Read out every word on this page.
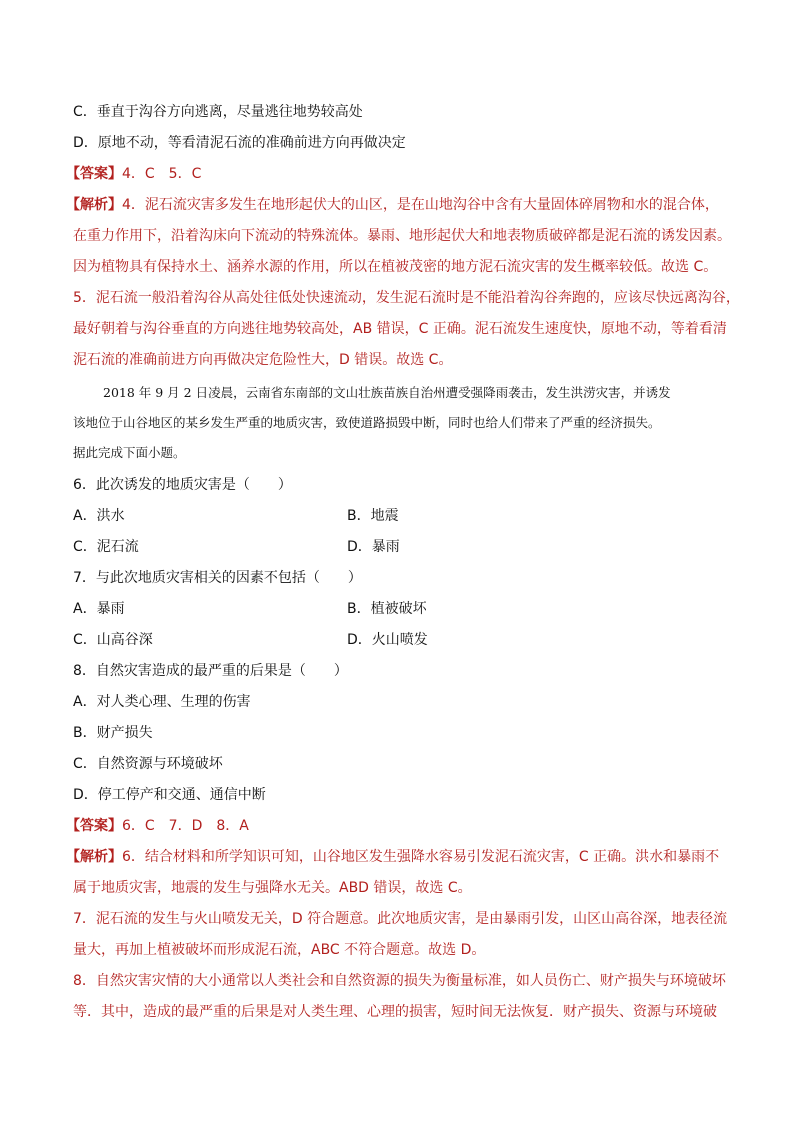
C．垂直于沟谷方向逃离，尽量逃往地势较高处
D．原地不动，等看清泥石流的准确前进方向再做决定
【答案】4．C　5．C
【解析】4．泥石流灾害多发生在地形起伏大的山区，是在山地沟谷中含有大量固体碎屑物和水的混合体，
在重力作用下，沿着沟床向下流动的特殊流体。暴雨、地形起伏大和地表物质破碎都是泥石流的诱发因素。
因为植物具有保持水土、涵养水源的作用，所以在植被茂密的地方泥石流灾害的发生概率较低。故选 C。
5．泥石流一般沿着沟谷从高处往低处快速流动，发生泥石流时是不能沿着沟谷奔跑的，应该尽快远离沟谷，
最好朝着与沟谷垂直的方向逃往地势较高处，AB 错误，C 正确。泥石流发生速度快，原地不动，等着看清
泥石流的准确前进方向再做决定危险性大，D 错误。故选 C。
2018 年 9 月 2 日凌晨，云南省东南部的文山壮族苗族自治州遭受强降雨袭击，发生洪涝灾害，并诱发
该地位于山谷地区的某乡发生严重的地质灾害，致使道路损毁中断，同时也给人们带来了严重的经济损失。
据此完成下面小题。
6．此次诱发的地质灾害是（　　）
A．洪水	B．地震
C．泥石流	D．暴雨
7．与此次地质灾害相关的因素不包括（　　）
A．暴雨	B．植被破坏
C．山高谷深	D．火山喷发
8．自然灾害造成的最严重的后果是（　　）
A．对人类心理、生理的伤害
B．财产损失
C．自然资源与环境破坏
D．停工停产和交通、通信中断
【答案】6．C　7．D　8．A
【解析】6．结合材料和所学知识可知，山谷地区发生强降水容易引发泥石流灾害，C 正确。洪水和暴雨不
属于地质灾害，地震的发生与强降水无关。ABD 错误，故选 C。
7．泥石流的发生与火山喷发无关，D 符合题意。此次地质灾害，是由暴雨引发，山区山高谷深，地表径流
量大，再加上植被破坏而形成泥石流，ABC 不符合题意。故选 D。
8．自然灾害灾情的大小通常以人类社会和自然资源的损失为衡量标准，如人员伤亡、财产损失与环境破坏
等．其中，造成的最严重的后果是对人类生理、心理的损害，短时间无法恢复．财产损失、资源与环境破
